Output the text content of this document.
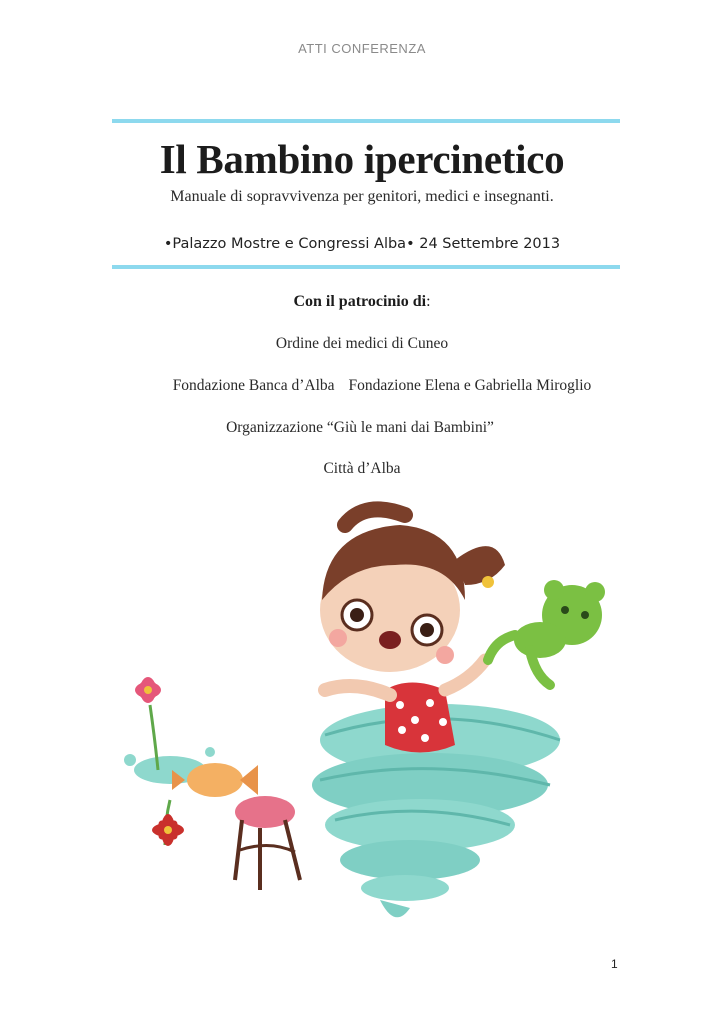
ATTI CONFERENZA
Il Bambino ipercinetico
Manuale di sopravvivenza per genitori, medici e insegnanti.
•Palazzo Mostre e Congressi Alba• 24 Settembre 2013
Con il patrocinio di:
Ordine dei medici di Cuneo
Fondazione Banca d’Alba Fondazione Elena e Gabriella Miroglio
Organizzazione “Giù le mani dai Bambini”
Città d’Alba
1
